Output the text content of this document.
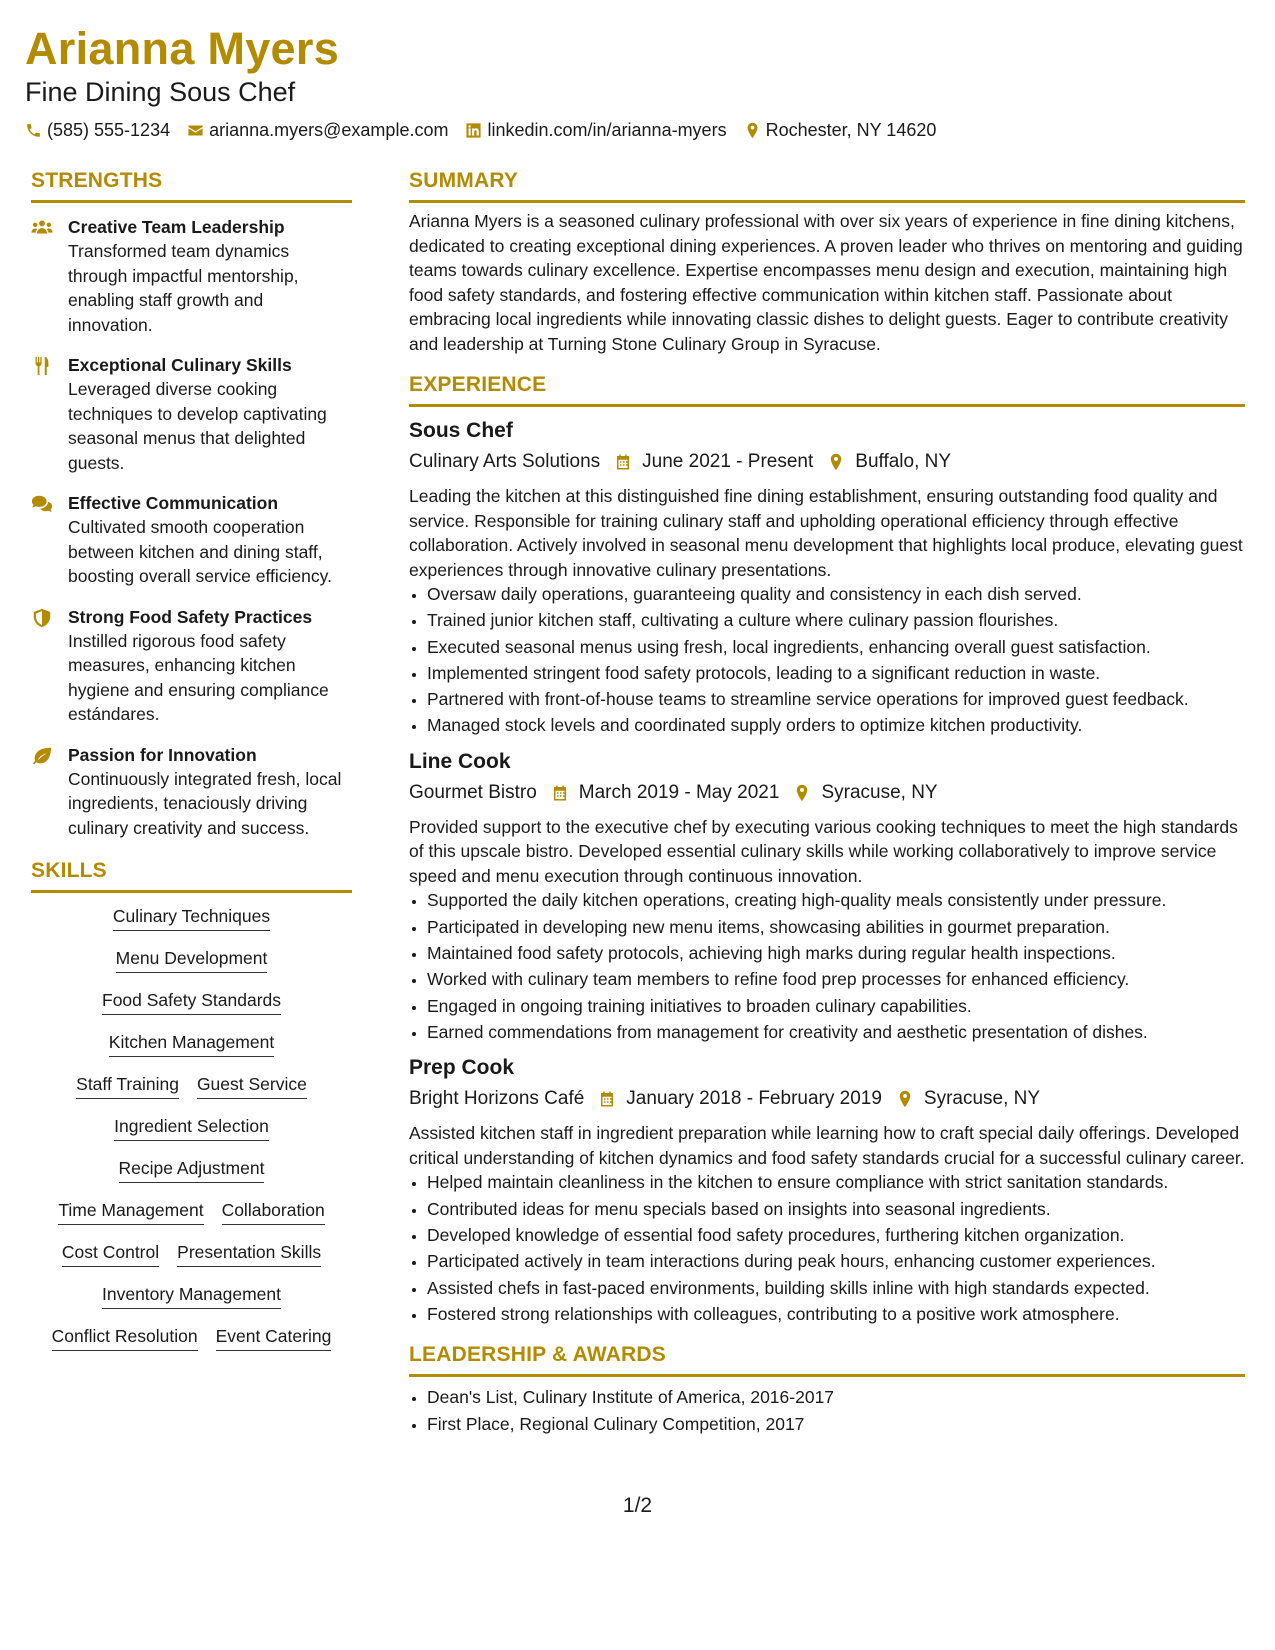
Arianna Myers
Fine Dining Sous Chef
(585) 555-1234 arianna.myers@example.com linkedin.com/in/arianna-myers Rochester, NY 14620
STRENGTHS
Creative Team Leadership
Transformed team dynamics through impactful mentorship, enabling staff growth and innovation.
Exceptional Culinary Skills
Leveraged diverse cooking techniques to develop captivating seasonal menus that delighted guests.
Effective Communication
Cultivated smooth cooperation between kitchen and dining staff, boosting overall service efficiency.
Strong Food Safety Practices
Instilled rigorous food safety measures, enhancing kitchen hygiene and ensuring compliance estándares.
Passion for Innovation
Continuously integrated fresh, local ingredients, tenaciously driving culinary creativity and success.
SKILLS
Culinary Techniques
Menu Development
Food Safety Standards
Kitchen Management
Staff Training Guest Service
Ingredient Selection
Recipe Adjustment
Time Management Collaboration
Cost Control Presentation Skills
Inventory Management
Conflict Resolution Event Catering
SUMMARY
Arianna Myers is a seasoned culinary professional with over six years of experience in fine dining kitchens, dedicated to creating exceptional dining experiences. A proven leader who thrives on mentoring and guiding teams towards culinary excellence. Expertise encompasses menu design and execution, maintaining high food safety standards, and fostering effective communication within kitchen staff. Passionate about embracing local ingredients while innovating classic dishes to delight guests. Eager to contribute creativity and leadership at Turning Stone Culinary Group in Syracuse.
EXPERIENCE
Sous Chef
Culinary Arts Solutions June 2021 - Present Buffalo, NY
Leading the kitchen at this distinguished fine dining establishment, ensuring outstanding food quality and service. Responsible for training culinary staff and upholding operational efficiency through effective collaboration. Actively involved in seasonal menu development that highlights local produce, elevating guest experiences through innovative culinary presentations.
• Oversaw daily operations, guaranteeing quality and consistency in each dish served.
• Trained junior kitchen staff, cultivating a culture where culinary passion flourishes.
• Executed seasonal menus using fresh, local ingredients, enhancing overall guest satisfaction.
• Implemented stringent food safety protocols, leading to a significant reduction in waste.
• Partnered with front-of-house teams to streamline service operations for improved guest feedback.
• Managed stock levels and coordinated supply orders to optimize kitchen productivity.
Line Cook
Gourmet Bistro March 2019 - May 2021 Syracuse, NY
Provided support to the executive chef by executing various cooking techniques to meet the high standards of this upscale bistro. Developed essential culinary skills while working collaboratively to improve service speed and menu execution through continuous innovation.
• Supported the daily kitchen operations, creating high-quality meals consistently under pressure.
• Participated in developing new menu items, showcasing abilities in gourmet preparation.
• Maintained food safety protocols, achieving high marks during regular health inspections.
• Worked with culinary team members to refine food prep processes for enhanced efficiency.
• Engaged in ongoing training initiatives to broaden culinary capabilities.
• Earned commendations from management for creativity and aesthetic presentation of dishes.
Prep Cook
Bright Horizons Café January 2018 - February 2019 Syracuse, NY
Assisted kitchen staff in ingredient preparation while learning how to craft special daily offerings. Developed critical understanding of kitchen dynamics and food safety standards crucial for a successful culinary career.
• Helped maintain cleanliness in the kitchen to ensure compliance with strict sanitation standards.
• Contributed ideas for menu specials based on insights into seasonal ingredients.
• Developed knowledge of essential food safety procedures, furthering kitchen organization.
• Participated actively in team interactions during peak hours, enhancing customer experiences.
• Assisted chefs in fast-paced environments, building skills inline with high standards expected.
• Fostered strong relationships with colleagues, contributing to a positive work atmosphere.
LEADERSHIP & AWARDS
• Dean's List, Culinary Institute of America, 2016-2017
• First Place, Regional Culinary Competition, 2017
1/2
